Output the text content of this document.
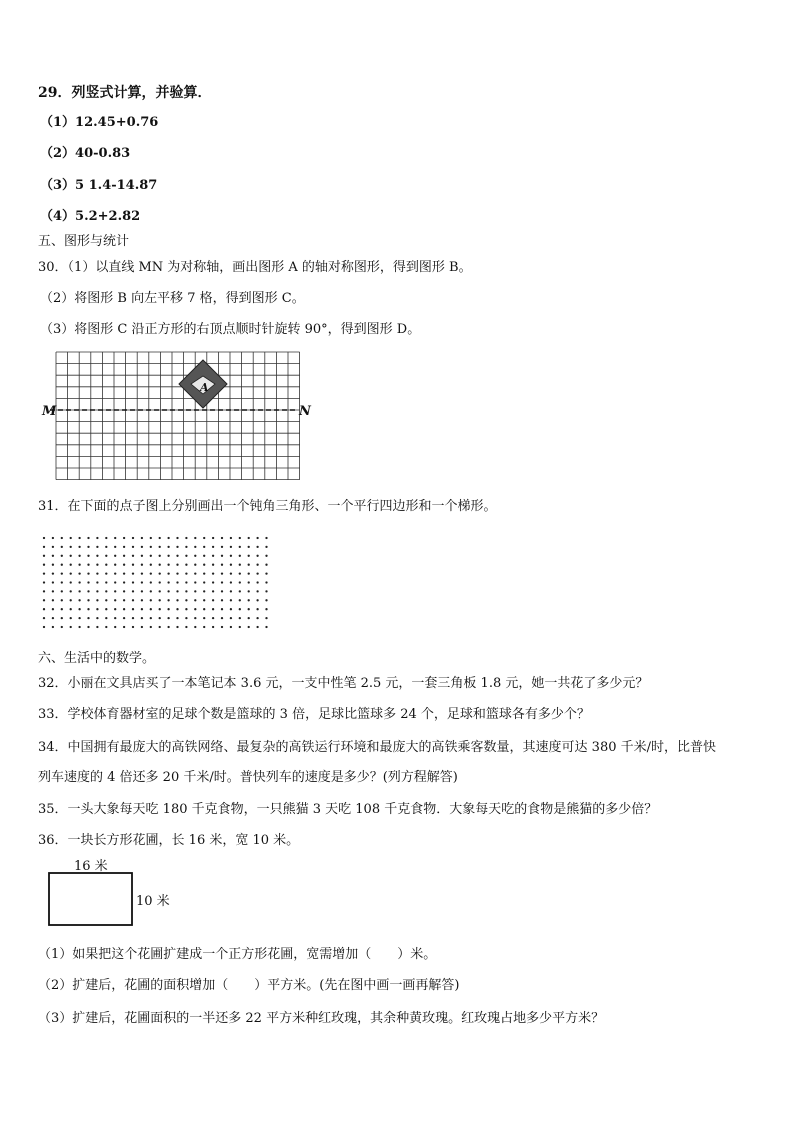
29．列竖式计算，并验算．
（1）12.45+0.76
（2）40-0.83
（3）5 1.4-14.87
（4）5.2+2.82
五、图形与统计
30．（1）以直线 MN 为对称轴，画出图形 A 的轴对称图形，得到图形 B。
（2）将图形 B 向左平移 7 格，得到图形 C。
（3）将图形 C 沿正方形的右顶点顺时针旋转 90°，得到图形 D。
A
M	N
31．在下面的点子图上分别画出一个钝角三角形、一个平行四边形和一个梯形。
六、生活中的数学。
32．小丽在文具店买了一本笔记本 3.6 元，一支中性笔 2.5 元，一套三角板 1.8 元，她一共花了多少元？
33．学校体育器材室的足球个数是篮球的 3 倍，足球比篮球多 24 个，足球和篮球各有多少个？
34．中国拥有最庞大的高铁网络、最复杂的高铁运行环境和最庞大的高铁乘客数量，其速度可达 380 千米/时，比普快
列车速度的 4 倍还多 20 千米/时。普快列车的速度是多少？(列方程解答)
35．一头大象每天吃 180 千克食物，一只熊猫 3 天吃 108 千克食物．大象每天吃的食物是熊猫的多少倍？
36．一块长方形花圃，长 16 米，宽 10 米。
16 米
10 米
（1）如果把这个花圃扩建成一个正方形花圃，宽需增加（　　）米。
（2）扩建后，花圃的面积增加（　　）平方米。(先在图中画一画再解答)
（3）扩建后，花圃面积的一半还多 22 平方米种红玫瑰，其余种黄玫瑰。红玫瑰占地多少平方米？
